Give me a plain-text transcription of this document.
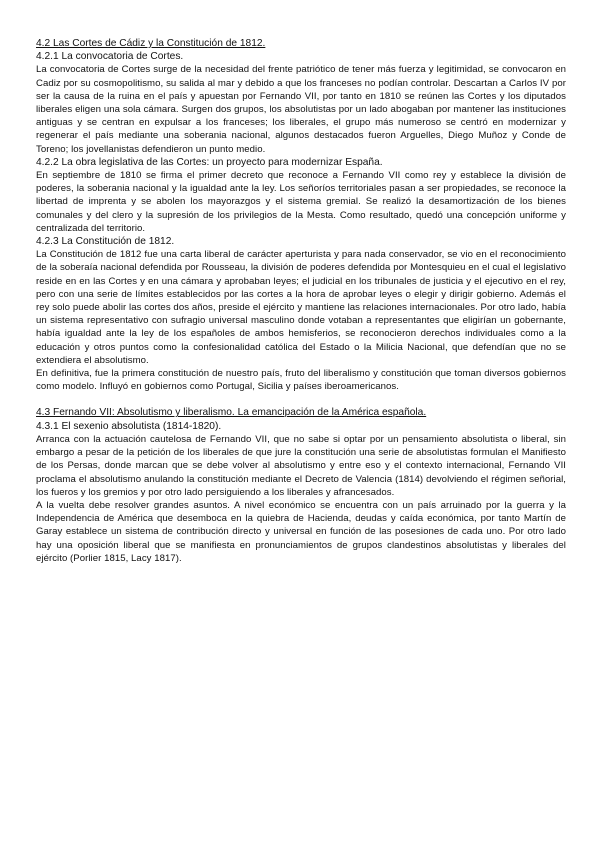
4.2 Las Cortes de Cádiz y la Constitución de 1812.
4.2.1 La convocatoria de Cortes.

La convocatoria de Cortes surge de la necesidad del frente patriótico de tener más fuerza y legitimidad, se convocaron en Cadiz por su cosmopolitismo, su salida al mar y debido a que los franceses no podían controlar. Descartan a Carlos IV por ser la causa de la ruina en el país y apuestan por Fernando VII, por tanto en 1810 se reúnen las Cortes y los diputados liberales eligen una sola cámara. Surgen dos grupos, los absolutistas por un lado abogaban por mantener las instituciones antiguas y se centran en expulsar a los franceses; los liberales, el grupo más numeroso se centró en modernizar y regenerar el país mediante una soberania nacional, algunos destacados fueron Arguelles, Diego Muñoz y Conde de Toreno; los jovellanistas defendieron un punto medio.

4.2.2 La obra legislativa de las Cortes: un proyecto para modernizar España.

En septiembre de 1810 se firma el primer decreto que reconoce a Fernando VII como rey y establece la división de poderes, la soberania nacional y la igualdad ante la ley. Los señoríos territoriales pasan a ser propiedades, se reconoce la libertad de imprenta y se abolen los mayorazgos y el sistema gremial. Se realizó la desamortización de los bienes comunales y del clero y la supresión de los privilegios de la Mesta. Como resultado, quedó una concepción uniforme y centralizada del territorio.

4.2.3 La Constitución de 1812.

La Constitución de 1812 fue una carta liberal de carácter aperturista y para nada conservador, se vio en el reconocimiento de la soberaía nacional defendida por Rousseau, la división de poderes defendida por Montesquieu en el cual el legislativo reside en en las Cortes y en una cámara y aprobaban leyes; el judicial en los tribunales de justicia y el ejecutivo en el rey, pero con una serie de límites establecidos por las cortes a la hora de aprobar leyes o elegir y dirigir gobierno. Además el rey solo puede abolir las cortes dos años, preside el ejército y mantiene las relaciones internacionales. Por otro lado, había un sistema representativo con sufragio universal masculino donde votaban a representantes que eligirían un gobernante, había igualdad ante la ley de los españoles de ambos hemisferios, se reconocieron derechos individuales como a la educación y otros puntos como la confesionalidad católica del Estado o la Milicia Nacional, que defendían que no se extendiera el absolutismo.

En definitiva, fue la primera constitución de nuestro país, fruto del liberalismo y constitución que toman diversos gobiernos como modelo. Influyó en gobiernos como Portugal, Sicilia y países iberoamericanos.

4.3 Fernando VII: Absolutismo y liberalismo. La emancipación de la América española.
4.3.1 El sexenio absolutista (1814-1820).

Arranca con la actuación cautelosa de Fernando VII, que no sabe si optar por un pensamiento absolutista o liberal, sin embargo a pesar de la petición de los liberales de que jure la constitución una serie de absolutistas formulan el Manifiesto de los Persas, donde marcan que se debe volver al absolutismo y entre eso y el contexto internacional, Fernando VII proclama el absolutismo anulando la constitución mediante el Decreto de Valencia (1814) devolviendo el régimen señorial, los fueros y los gremios y por otro lado persiguiendo a los liberales y afrancesados.

A la vuelta debe resolver grandes asuntos. A nivel económico se encuentra con un país arruinado por la guerra y la Independencia de América que desemboca en la quiebra de Hacienda, deudas y caída económica, por tanto Martín de Garay establece un sistema de contribución directo y universal en función de las posesiones de cada uno. Por otro lado hay una oposición liberal que se manifiesta en pronunciamientos de grupos clandestinos absolutistas y liberales del ejército (Porlier 1815, Lacy 1817).
